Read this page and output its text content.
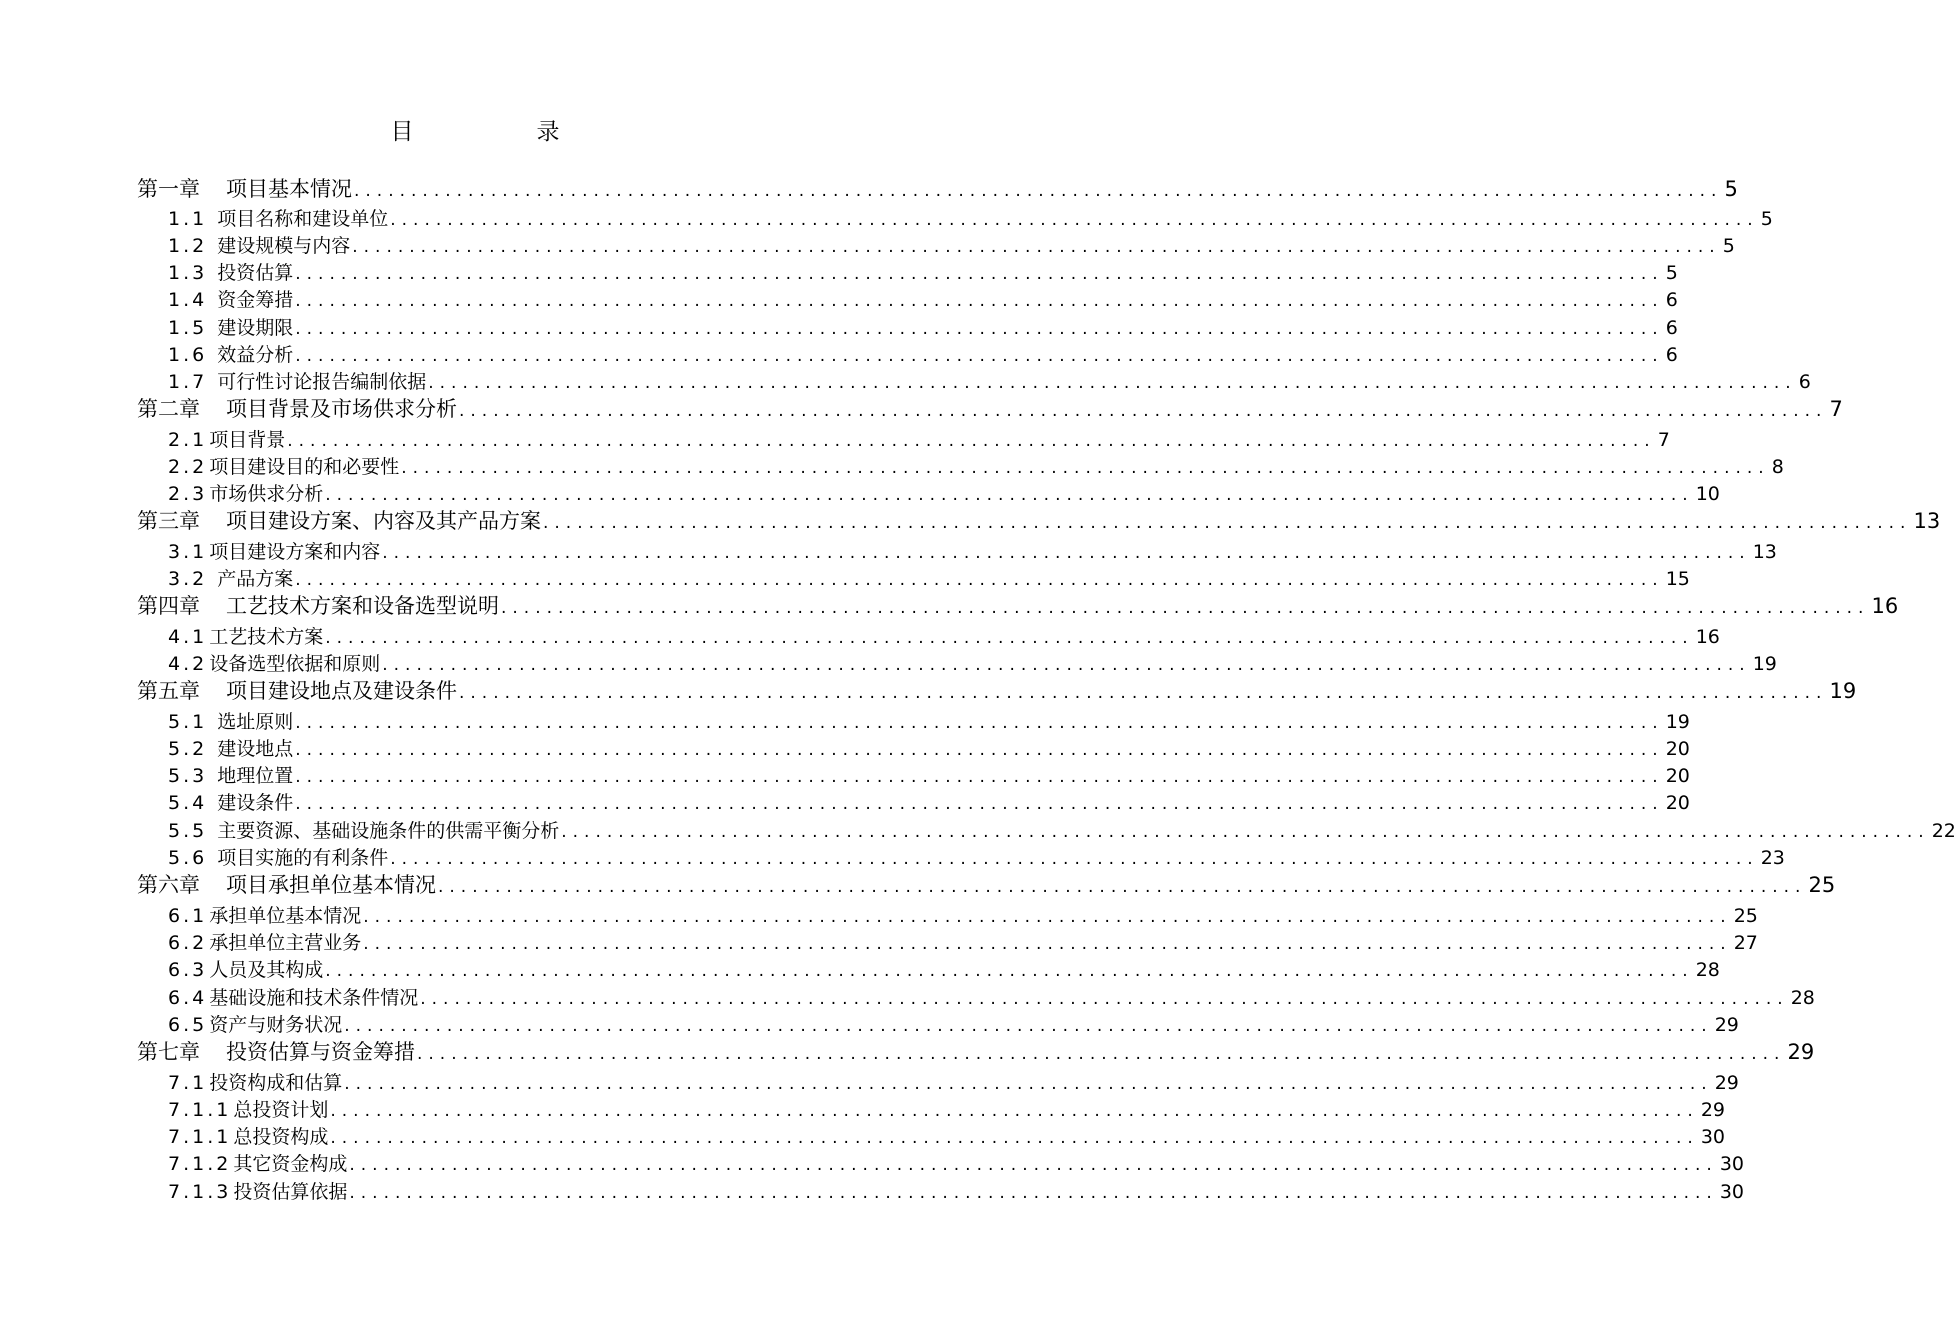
目　录
第一章 项目基本情况 ........................................................................................................................ 5
1.1 项目名称和建设单位 ........................................................................................................................ 5
1.2 建设规模与内容 ........................................................................................................................ 5
1.3 投资估算 ........................................................................................................................ 5
1.4 资金筹措 ........................................................................................................................ 6
1.5 建设期限 ........................................................................................................................ 6
1.6 效益分析 ........................................................................................................................ 6
1.7 可行性讨论报告编制依据 ........................................................................................................................ 6
第二章 项目背景及市场供求分析 ........................................................................................................................ 7
2.1 项目背景 ........................................................................................................................ 7
2.2 项目建设目的和必要性 ........................................................................................................................ 8
2.3 市场供求分析 ........................................................................................................................ 10
第三章 项目建设方案、内容及其产品方案 ........................................................................................................................ 13
3.1 项目建设方案和内容 ........................................................................................................................ 13
3.2 产品方案 ........................................................................................................................ 15
第四章 工艺技术方案和设备选型说明 ........................................................................................................................ 16
4.1 工艺技术方案 ........................................................................................................................ 16
4.2 设备选型依据和原则 ........................................................................................................................ 19
第五章 项目建设地点及建设条件 ........................................................................................................................ 19
5.1 选址原则 ........................................................................................................................ 19
5.2 建设地点 ........................................................................................................................ 20
5.3 地理位置 ........................................................................................................................ 20
5.4 建设条件 ........................................................................................................................ 20
5.5 主要资源、基础设施条件的供需平衡分析 ........................................................................................................................ 22
5.6 项目实施的有利条件 ........................................................................................................................ 23
第六章 项目承担单位基本情况 ........................................................................................................................ 25
6.1 承担单位基本情况 ........................................................................................................................ 25
6.2 承担单位主营业务 ........................................................................................................................ 27
6.3 人员及其构成 ........................................................................................................................ 28
6.4 基础设施和技术条件情况 ........................................................................................................................ 28
6.5 资产与财务状况 ........................................................................................................................ 29
第七章 投资估算与资金筹措 ........................................................................................................................ 29
7.1 投资构成和估算 ........................................................................................................................ 29
7.1.1 总投资计划 ........................................................................................................................ 29
7.1.1 总投资构成 ........................................................................................................................ 30
7.1.2 其它资金构成 ........................................................................................................................ 30
7.1.3 投资估算依据 ........................................................................................................................ 30
